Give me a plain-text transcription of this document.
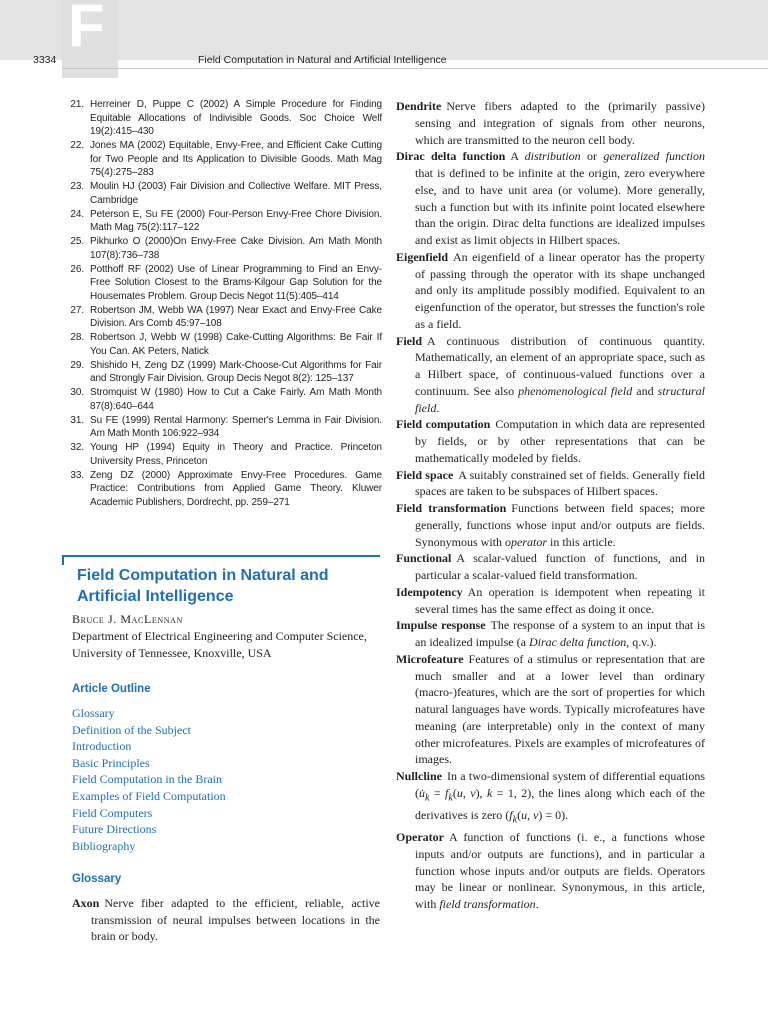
F
3334	Field Computation in Natural and Artificial Intelligence
21. Herreiner D, Puppe C (2002) A Simple Procedure for Finding Equitable Allocations of Indivisible Goods. Soc Choice Welf 19(2):415–430
22. Jones MA (2002) Equitable, Envy-Free, and Efficient Cake Cutting for Two People and Its Application to Divisible Goods. Math Mag 75(4):275–283
23. Moulin HJ (2003) Fair Division and Collective Welfare. MIT Press, Cambridge
24. Peterson E, Su FE (2000) Four-Person Envy-Free Chore Division. Math Mag 75(2):117–122
25. Pikhurko O (2000)On Envy-Free Cake Division. Am Math Month 107(8):736–738
26. Potthoff RF (2002) Use of Linear Programming to Find an Envy-Free Solution Closest to the Brams-Kilgour Gap Solution for the Housemates Problem. Group Decis Negot 11(5):405–414
27. Robertson JM, Webb WA (1997) Near Exact and Envy-Free Cake Division. Ars Comb 45:97–108
28. Robertson J, Webb W (1998) Cake-Cutting Algorithms: Be Fair If You Can. AK Peters, Natick
29. Shishido H, Zeng DZ (1999) Mark-Choose-Cut Algorithms for Fair and Strongly Fair Division. Group Decis Negot 8(2): 125–137
30. Stromquist W (1980) How to Cut a Cake Fairly. Am Math Month 87(8):640–644
31. Su FE (1999) Rental Harmony: Sperner's Lemma in Fair Division. Am Math Month 106:922–934
32. Young HP (1994) Equity in Theory and Practice. Princeton University Press, Princeton
33. Zeng DZ (2000) Approximate Envy-Free Procedures. Game Practice: Contributions from Applied Game Theory. Kluwer Academic Publishers, Dordrecht, pp. 259–271
Field Computation in Natural and Artificial Intelligence
Bruce J. MacLennan
Department of Electrical Engineering and Computer Science, University of Tennessee, Knoxville, USA
Article Outline
Glossary
Definition of the Subject
Introduction
Basic Principles
Field Computation in the Brain
Examples of Field Computation
Field Computers
Future Directions
Bibliography
Glossary

Axon Nerve fiber adapted to the efficient, reliable, active transmission of neural impulses between locations in the brain or body.

Dendrite Nerve fibers adapted to the (primarily passive) sensing and integration of signals from other neurons, which are transmitted to the neuron cell body.

Dirac delta function A distribution or generalized function that is defined to be infinite at the origin, zero everywhere else, and to have unit area (or volume). More generally, such a function but with its infinite point located elsewhere than the origin. Dirac delta functions are idealized impulses and exist as limit objects in Hilbert spaces.

Eigenfield An eigenfield of a linear operator has the property of passing through the operator with its shape unchanged and only its amplitude possibly modified. Equivalent to an eigenfunction of the operator, but stresses the function's role as a field.

Field A continuous distribution of continuous quantity. Mathematically, an element of an appropriate space, such as a Hilbert space, of continuous-valued functions over a continuum. See also phenomenological field and structural field.

Field computation Computation in which data are represented by fields, or by other representations that can be mathematically modeled by fields.

Field space A suitably constrained set of fields. Generally field spaces are taken to be subspaces of Hilbert spaces.

Field transformation Functions between field spaces; more generally, functions whose input and/or outputs are fields. Synonymous with operator in this article.

Functional A scalar-valued function of functions, and in particular a scalar-valued field transformation.

Idempotency An operation is idempotent when repeating it several times has the same effect as doing it once.

Impulse response The response of a system to an input that is an idealized impulse (a Dirac delta function, q.v.).

Microfeature Features of a stimulus or representation that are much smaller and at a lower level than ordinary (macro-)features, which are the sort of properties for which natural languages have words. Typically microfeatures have meaning (are interpretable) only in the context of many other microfeatures. Pixels are examples of microfeatures of images.

Nullcline In a two-dimensional system of differential equations ($u̇_k = f_k(u$, v), k = 1, 2), the lines along which each of the derivatives is zero ($f_k(u$, v) = 0).

Operator A function of functions (i. e., a functions whose inputs and/or outputs are functions), and in particular a function whose inputs and/or outputs are fields. Operators may be linear or nonlinear. Synonymous, in this article, with field transformation.
